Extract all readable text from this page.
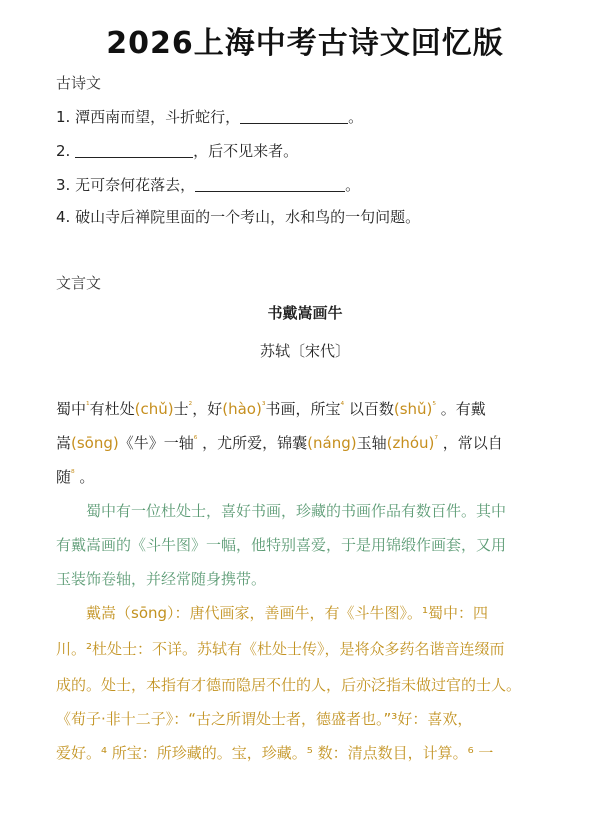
2026上海中考古诗文回忆版
古诗文
1. 潭西南而望，斗折蛇行，	。
2.	，后不见来者。
3. 无可奈何花落去，	。
4. 破山寺后禅院里面的一个考山，水和鸟的一句问题。
文言文
书戴嵩画牛
苏轼〔宋代〕
蜀中$^{^1}$有杜处(chǔ)士$^{^2}$，好(hào)$^{^3}$书画，所宝$^{^4}$ 以百数(shǔ)$^{^5}$ 。有戴
嵩(sōng)《牛》一轴$^{^6}$ ，尤所爱，锦囊(náng)玉轴(zhóu)$^{^7}$ ，常以自
随$^{^8}$ 。
　　蜀中有一位杜处士，喜好书画，珍藏的书画作品有数百件。其中
有戴嵩画的《斗牛图》一幅，他特别喜爱，于是用锦缎作画套，又用
玉装饰卷轴，并经常随身携带。
　　戴嵩（sōng）：唐代画家，善画牛，有《斗牛图》。¹蜀中：四
川。²杜处士：不详。苏轼有《杜处士传》，是将众多药名谐音连缀而
成的。处士，本指有才德而隐居不仕的人，后亦泛指未做过官的士人。
《荀子·非十二子》：“古之所谓处士者，德盛者也。”³好：喜欢，
爱好。⁴ 所宝：所珍藏的。宝，珍藏。⁵ 数：清点数目，计算。⁶ 一
